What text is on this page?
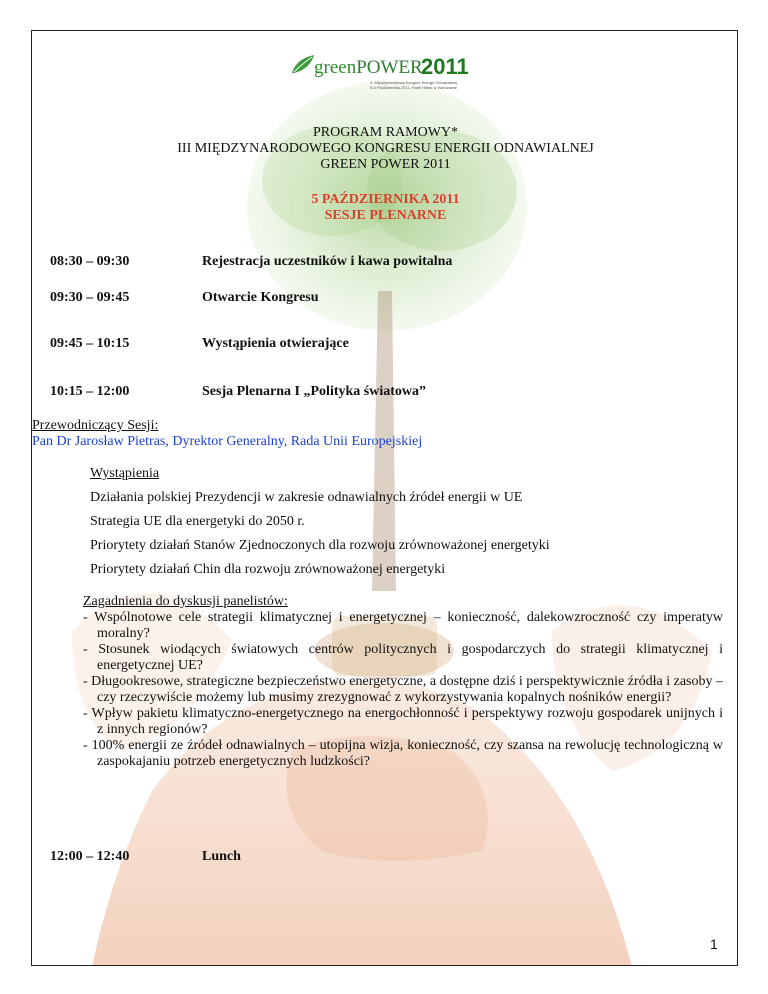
greenPOWER
2011
3. Międzynarodowy Kongres Energii Odnawialnej 5-6 Października 2011, Hotel Hilton w Warszawie
PROGRAM RAMOWY*
III MIĘDZYNARODOWEGO KONGRESU ENERGII ODNAWIALNEJ
GREEN POWER 2011
5 PAŹDZIERNIKA 2011
SESJE PLENARNE
08:30 – 09:30	Rejestracja uczestników i kawa powitalna
09:30 – 09:45	Otwarcie Kongresu
09:45 – 10:15	Wystąpienia otwierające
10:15 – 12:00	Sesja Plenarna I „Polityka światowa”
Przewodniczący Sesji:
Pan Dr Jarosław Pietras, Dyrektor Generalny, Rada Unii Europejskiej
Wystąpienia
Działania polskiej Prezydencji w zakresie odnawialnych źródeł energii w UE
Strategia UE dla energetyki do 2050 r.
Priorytety działań Stanów Zjednoczonych dla rozwoju zrównoważonej energetyki
Priorytety działań Chin dla rozwoju zrównoważonej energetyki
Zagadnienia do dyskusji panelistów:
- Wspólnotowe cele strategii klimatycznej i energetycznej – konieczność, dalekowzroczność czy imperatyw moralny?
- Stosunek wiodących światowych centrów politycznych i gospodarczych do strategii klimatycznej i energetycznej UE?
- Długookresowe, strategiczne bezpieczeństwo energetyczne, a dostępne dziś i perspektywicznie źródła i zasoby – czy rzeczywiście możemy lub musimy zrezygnować z wykorzystywania kopalnych nośników energii?
- Wpływ pakietu klimatyczno-energetycznego na energochłonność i perspektywy rozwoju gospodarek unijnych i z innych regionów?
- 100% energii ze źródeł odnawialnych – utopijna wizja, konieczność, czy szansa na rewolucję technologiczną w zaspokajaniu potrzeb energetycznych ludzkości?
12:00 – 12:40	Lunch
1
